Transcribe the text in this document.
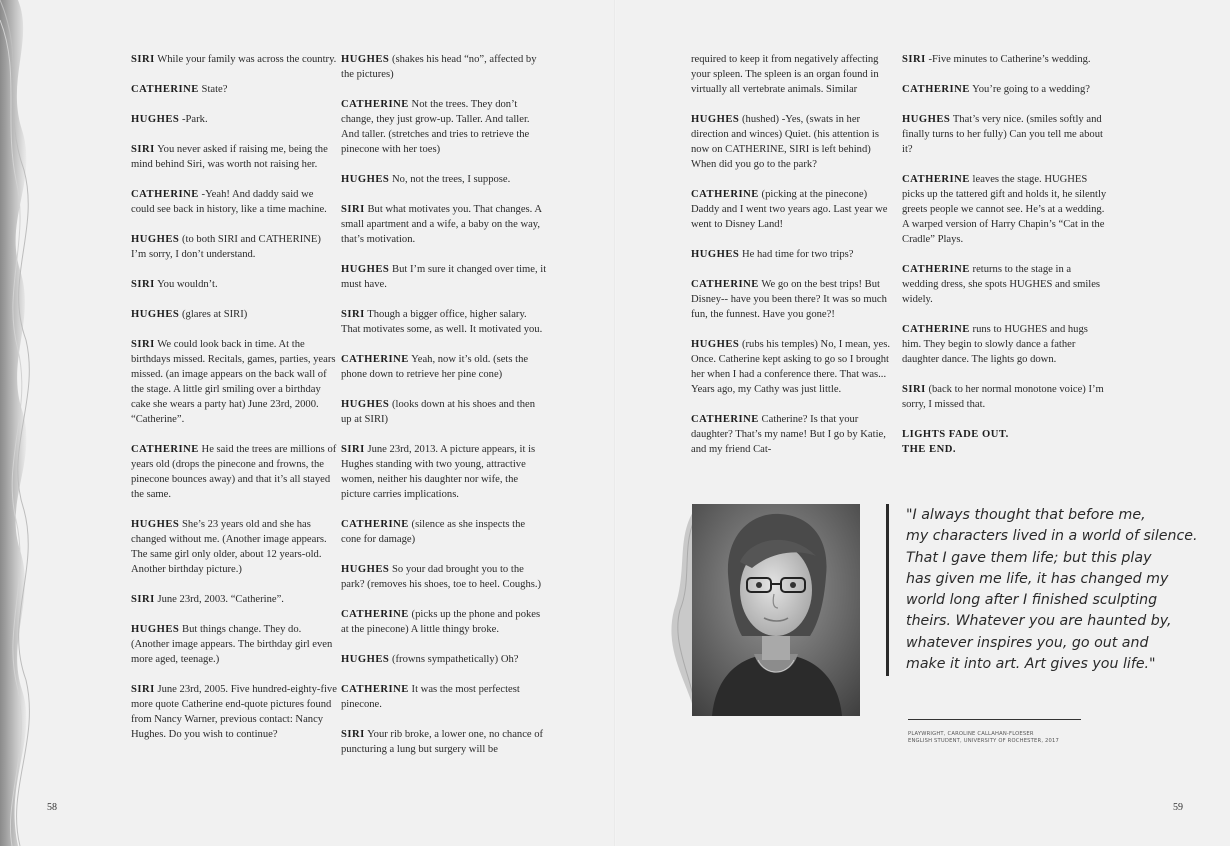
SIRI While your family was across the country.

CATHERINE State?

HUGHES -Park.

SIRI You never asked if raising me, being the mind behind Siri, was worth not raising her.

CATHERINE -Yeah! And daddy said we could see back in history, like a time machine.

HUGHES (to both SIRI and CATHERINE) I’m sorry, I don’t understand.

SIRI You wouldn’t.

HUGHES (glares at SIRI)

SIRI We could look back in time. At the birthdays missed. Recitals, games, parties, years missed. (an image appears on the back wall of the stage. A little girl smiling over a birthday cake she wears a party hat) June 23rd, 2000. “Catherine”.

CATHERINE He said the trees are millions of years old (drops the pinecone and frowns, the pinecone bounces away) and that it’s all stayed the same.

HUGHES She’s 23 years old and she has changed without me. (Another image appears. The same girl only older, about 12 years-old. Another birthday picture.)

SIRI June 23rd, 2003. “Catherine”.

HUGHES But things change. They do. (Another image appears. The birthday girl even more aged, teenage.)

SIRI June 23rd, 2005. Five hundred-eighty-five more quote Catherine end-quote pictures found from Nancy Warner, previous contact: Nancy Hughes. Do you wish to continue?

HUGHES (shakes his head “no”, affected by the pictures)

CATHERINE Not the trees. They don’t change, they just grow-up. Taller. And taller. And taller. (stretches and tries to retrieve the pinecone with her toes)

HUGHES No, not the trees, I suppose.

SIRI But what motivates you. That changes. A small apartment and a wife, a baby on the way, that’s motivation.

HUGHES But I’m sure it changed over time, it must have.

SIRI Though a bigger office, higher salary. That motivates some, as well. It motivated you.

CATHERINE Yeah, now it’s old. (sets the phone down to retrieve her pine cone)

HUGHES (looks down at his shoes and then up at SIRI)

SIRI June 23rd, 2013. A picture appears, it is Hughes standing with two young, attractive women, neither his daughter nor wife, the picture carries implications.

CATHERINE (silence as she inspects the cone for damage)

HUGHES So your dad brought you to the park? (removes his shoes, toe to heel. Coughs.)

CATHERINE (picks up the phone and pokes at the pinecone) A little thingy broke.

HUGHES (frowns sympathetically) Oh?

CATHERINE It was the most perfectest pinecone.

SIRI Your rib broke, a lower one, no chance of puncturing a lung but surgery will be

required to keep it from negatively affecting your spleen. The spleen is an organ found in virtually all vertebrate animals. Similar

HUGHES (hushed) -Yes, (swats in her direction and winces) Quiet. (his attention is now on CATHERINE, SIRI is left behind) When did you go to the park?

CATHERINE (picking at the pinecone) Daddy and I went two years ago. Last year we went to Disney Land!

HUGHES He had time for two trips?

CATHERINE We go on the best trips! But Disney-- have you been there? It was so much fun, the funnest. Have you gone?!

HUGHES (rubs his temples) No, I mean, yes. Once. Catherine kept asking to go so I brought her when I had a conference there. That was... Years ago, my Cathy was just little.

CATHERINE Catherine? Is that your daughter? That’s my name! But I go by Katie, and my friend Cat-

SIRI -Five minutes to Catherine’s wedding.

CATHERINE You’re going to a wedding?

HUGHES That’s very nice. (smiles softly and finally turns to her fully) Can you tell me about it?

CATHERINE leaves the stage. HUGHES picks up the tattered gift and holds it, he silently greets people we cannot see. He’s at a wedding. A warped version of Harry Chapin’s “Cat in the Cradle” Plays.

CATHERINE returns to the stage in a wedding dress, she spots HUGHES and smiles widely.

CATHERINE runs to HUGHES and hugs him. They begin to slowly dance a father daughter dance. The lights go down.

SIRI (back to her normal monotone voice) I’m sorry, I missed that.

LIGHTS FADE OUT.
THE END.

"I always thought that before me,
my characters lived in a world of silence.
That I gave them life; but this play
has given me life, it has changed my
world long after I finished sculpting
theirs. Whatever you are haunted by,
whatever inspires you, go out and
make it into art. Art gives you life."

PLAYWRIGHT, CAROLINE CALLAHAN-FLOESER
ENGLISH STUDENT, UNIVERSITY OF ROCHESTER, 2017
58	59
